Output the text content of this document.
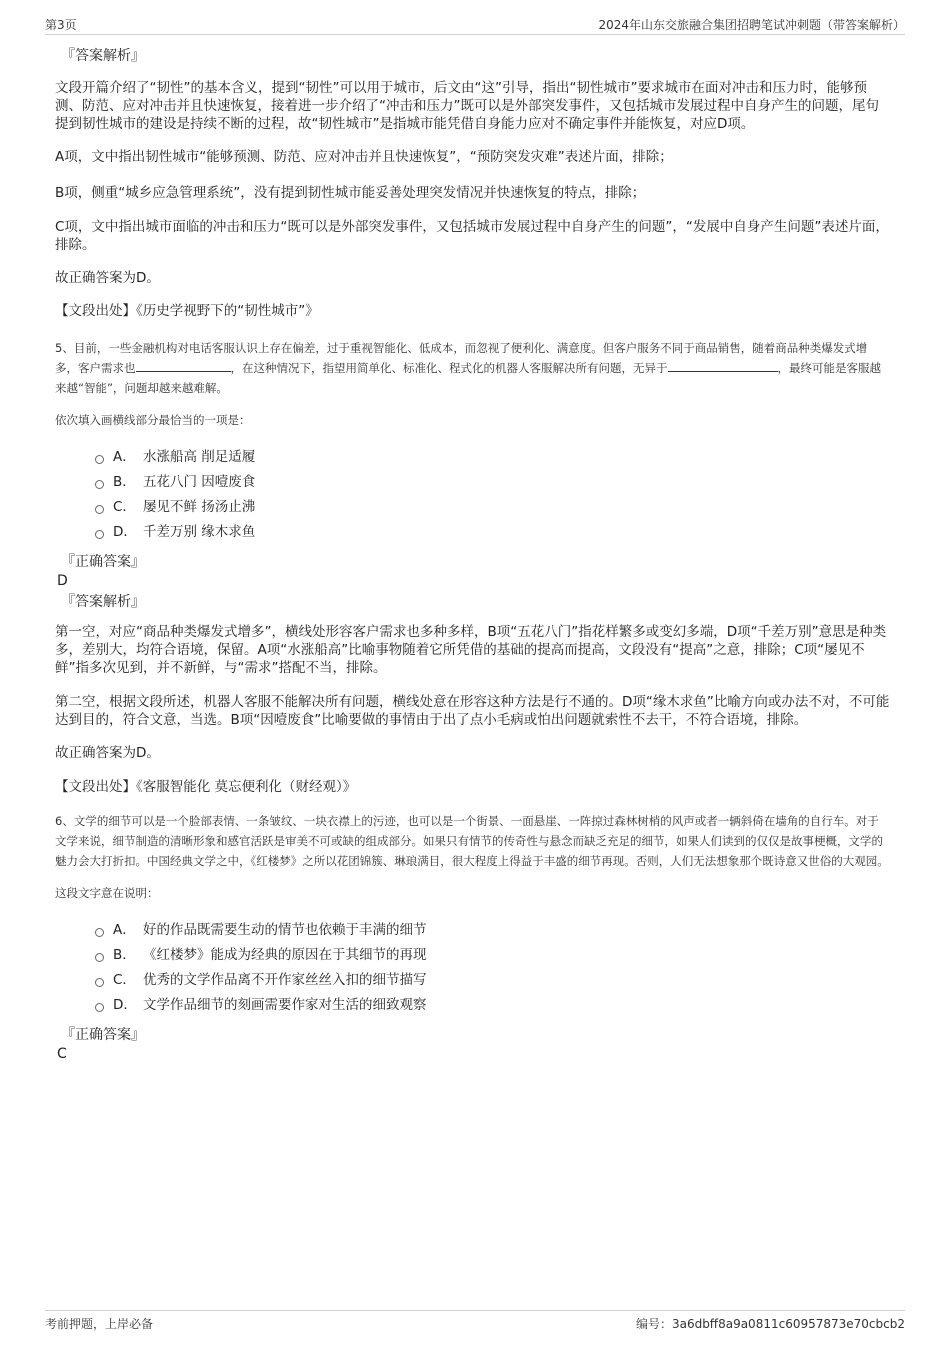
第3页	2024年山东交旅融合集团招聘笔试冲刺题（带答案解析）
『答案解析』

文段开篇介绍了“韧性”的基本含义，提到“韧性”可以用于城市，后文由“这”引导，指出“韧性城市”要求城市在面对冲击和压力时，能够预测、防范、应对冲击并且快速恢复，接着进一步介绍了“冲击和压力”既可以是外部突发事件，又包括城市发展过程中自身产生的问题，尾句提到韧性城市的建设是持续不断的过程，故“韧性城市”是指城市能凭借自身能力应对不确定事件并能恢复，对应D项。

A项，文中指出韧性城市“能够预测、防范、应对冲击并且快速恢复”，“预防突发灾难”表述片面，排除；

B项，侧重“城乡应急管理系统”，没有提到韧性城市能妥善处理突发情况并快速恢复的特点，排除；

C项，文中指出城市面临的冲击和压力“既可以是外部突发事件，又包括城市发展过程中自身产生的问题”，“发展中自身产生问题”表述片面，排除。

故正确答案为D。

【文段出处】《历史学视野下的“韧性城市”》

5、目前，一些金融机构对电话客服认识上存在偏差，过于重视智能化、低成本，而忽视了便利化、满意度。但客户服务不同于商品销售，随着商品种类爆发式增多，客户需求也	，在这种情况下，指望用简单化、标准化、程式化的机器人客服解决所有问题，无异于	，最终可能是客服越来越“智能”，问题却越来越难解。

依次填入画横线部分最恰当的一项是：

A． 水涨船高 削足适履
B． 五花八门 因噎废食
C． 屡见不鲜 扬汤止沸
D． 千差万别 缘木求鱼
『正确答案』
D
『答案解析』

第一空，对应“商品种类爆发式增多”，横线处形容客户需求也多种多样，B项“五花八门”指花样繁多或变幻多端，D项“千差万别”意思是种类多，差别大，均符合语境，保留。A项“水涨船高”比喻事物随着它所凭借的基础的提高而提高，文段没有“提高”之意，排除；C项“屡见不鲜”指多次见到，并不新鲜，与“需求”搭配不当，排除。

第二空，根据文段所述，机器人客服不能解决所有问题，横线处意在形容这种方法是行不通的。D项“缘木求鱼”比喻方向或办法不对，不可能达到目的，符合文意，当选。B项“因噎废食”比喻要做的事情由于出了点小毛病或怕出问题就索性不去干，不符合语境，排除。

故正确答案为D。

【文段出处】《客服智能化 莫忘便利化（财经观）》

6、文学的细节可以是一个脸部表情、一条皱纹、一块衣襟上的污迹，也可以是一个街景、一面悬崖、一阵掠过森林树梢的风声或者一辆斜倚在墙角的自行车。对于文学来说，细节制造的清晰形象和感官活跃是审美不可或缺的组成部分。如果只有情节的传奇性与悬念而缺乏充足的细节，如果人们读到的仅仅是故事梗概，文学的魅力会大打折扣。中国经典文学之中，《红楼梦》之所以花团锦簇、琳琅满目，很大程度上得益于丰盛的细节再现。否则，人们无法想象那个既诗意又世俗的大观园。

这段文字意在说明：

A． 好的作品既需要生动的情节也依赖于丰满的细节
B． 《红楼梦》能成为经典的原因在于其细节的再现
C． 优秀的文学作品离不开作家丝丝入扣的细节描写
D． 文学作品细节的刻画需要作家对生活的细致观察
『正确答案』
C
考前押题，上岸必备	编号：3a6dbff8a9a0811c60957873e70cbcb2
